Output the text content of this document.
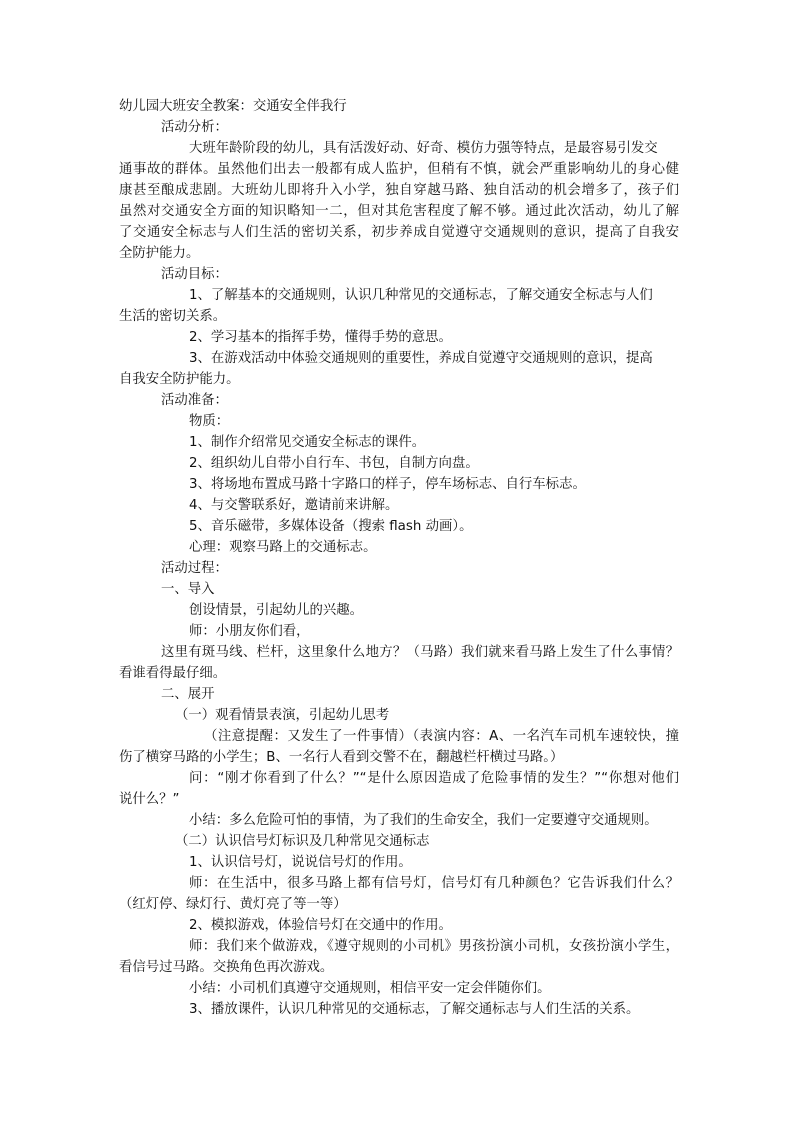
幼儿园大班安全教案：交通安全伴我行
活动分析：
大班年龄阶段的幼儿，具有活泼好动、好奇、模仿力强等特点，是最容易引发交
通事故的群体。虽然他们出去一般都有成人监护，但稍有不慎，就会严重影响幼儿的身心健
康甚至酿成悲剧。大班幼儿即将升入小学，独自穿越马路、独自活动的机会增多了，孩子们
虽然对交通安全方面的知识略知一二，但对其危害程度了解不够。通过此次活动，幼儿了解
了交通安全标志与人们生活的密切关系，初步养成自觉遵守交通规则的意识，提高了自我安
全防护能力。
活动目标：
1、了解基本的交通规则，认识几种常见的交通标志，了解交通安全标志与人们
生活的密切关系。
2、学习基本的指挥手势，懂得手势的意思。
3、在游戏活动中体验交通规则的重要性，养成自觉遵守交通规则的意识，提高
自我安全防护能力。
活动准备：
物质：
1、制作介绍常见交通安全标志的课件。
2、组织幼儿自带小自行车、书包，自制方向盘。
3、将场地布置成马路十字路口的样子，停车场标志、自行车标志。
4、与交警联系好，邀请前来讲解。
5、音乐磁带，多媒体设备（搜索 flash 动画）。
心理：观察马路上的交通标志。
活动过程：
一、导入
创设情景，引起幼儿的兴趣。
师：小朋友你们看，
这里有斑马线、栏杆，这里象什么地方？（马路）我们就来看马路上发生了什么事情？
看谁看得最仔细。
二、展开
（一）观看情景表演，引起幼儿思考
（注意提醒：又发生了一件事情）（表演内容：A、一名汽车司机车速较快，撞
伤了横穿马路的小学生；B、一名行人看到交警不在，翻越栏杆横过马路。）
问：“刚才你看到了什么？”“是什么原因造成了危险事情的发生？”“你想对他们
说什么？”
小结：多么危险可怕的事情，为了我们的生命安全，我们一定要遵守交通规则。
（二）认识信号灯标识及几种常见交通标志
1、认识信号灯，说说信号灯的作用。
师：在生活中，很多马路上都有信号灯，信号灯有几种颜色？它告诉我们什么？
（红灯停、绿灯行、黄灯亮了等一等）
2、模拟游戏，体验信号灯在交通中的作用。
师：我们来个做游戏，《遵守规则的小司机》男孩扮演小司机，女孩扮演小学生，
看信号过马路。交换角色再次游戏。
小结：小司机们真遵守交通规则，相信平安一定会伴随你们。
3、播放课件，认识几种常见的交通标志，了解交通标志与人们生活的关系。
